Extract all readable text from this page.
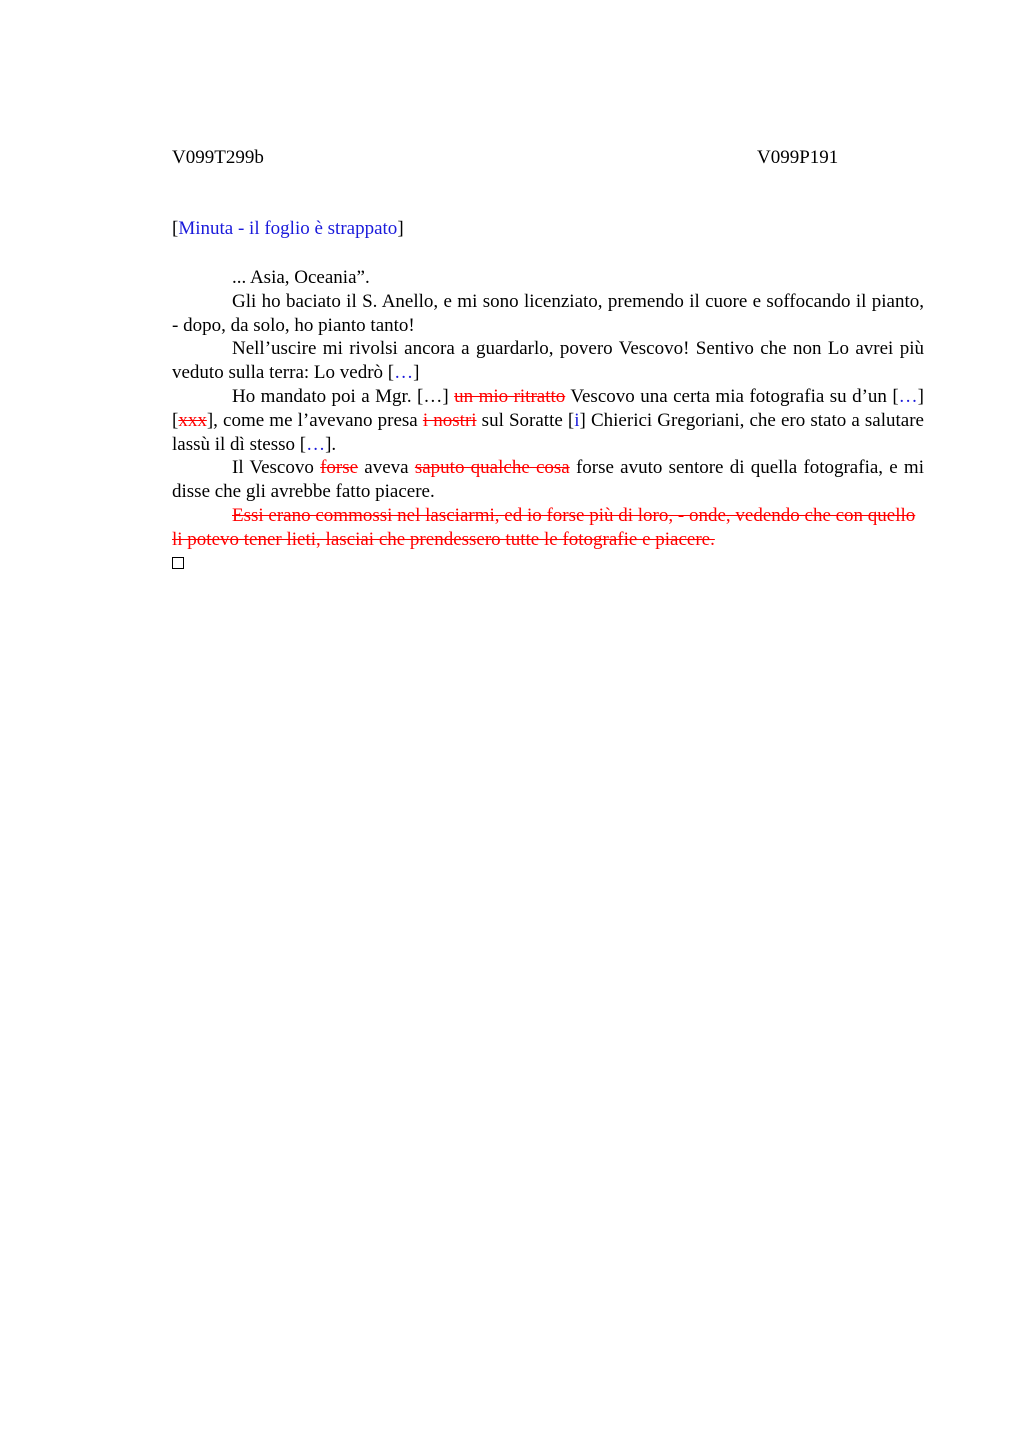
V099T299b	V099P191
[Minuta - il foglio è strappato]

... Asia, Oceania”.

Gli ho baciato il S. Anello, e mi sono licenziato, premendo il cuore e soffocando il pianto, - dopo, da solo, ho pianto tanto!

Nell’uscire mi rivolsi ancora a guardarlo, povero Vescovo! Sentivo che non Lo avrei più veduto sulla terra: Lo vedrò […]

Ho mandato poi a Mgr. […] un mio ritratto Vescovo una certa mia fotografia su d’un […] [xxx], come me l’avevano presa i nostri sul Soratte [i] Chierici Gregoriani, che ero stato a salutare lassù il dì stesso […].

Il Vescovo forse aveva saputo qualche cosa forse avuto sentore di quella fotografia, e mi disse che gli avrebbe fatto piacere.

Essi erano commossi nel lasciarmi, ed io forse più di loro, - onde, vedendo che con quello li potevo tener lieti, lasciai che prendessero tutte le fotografie e piacere.
